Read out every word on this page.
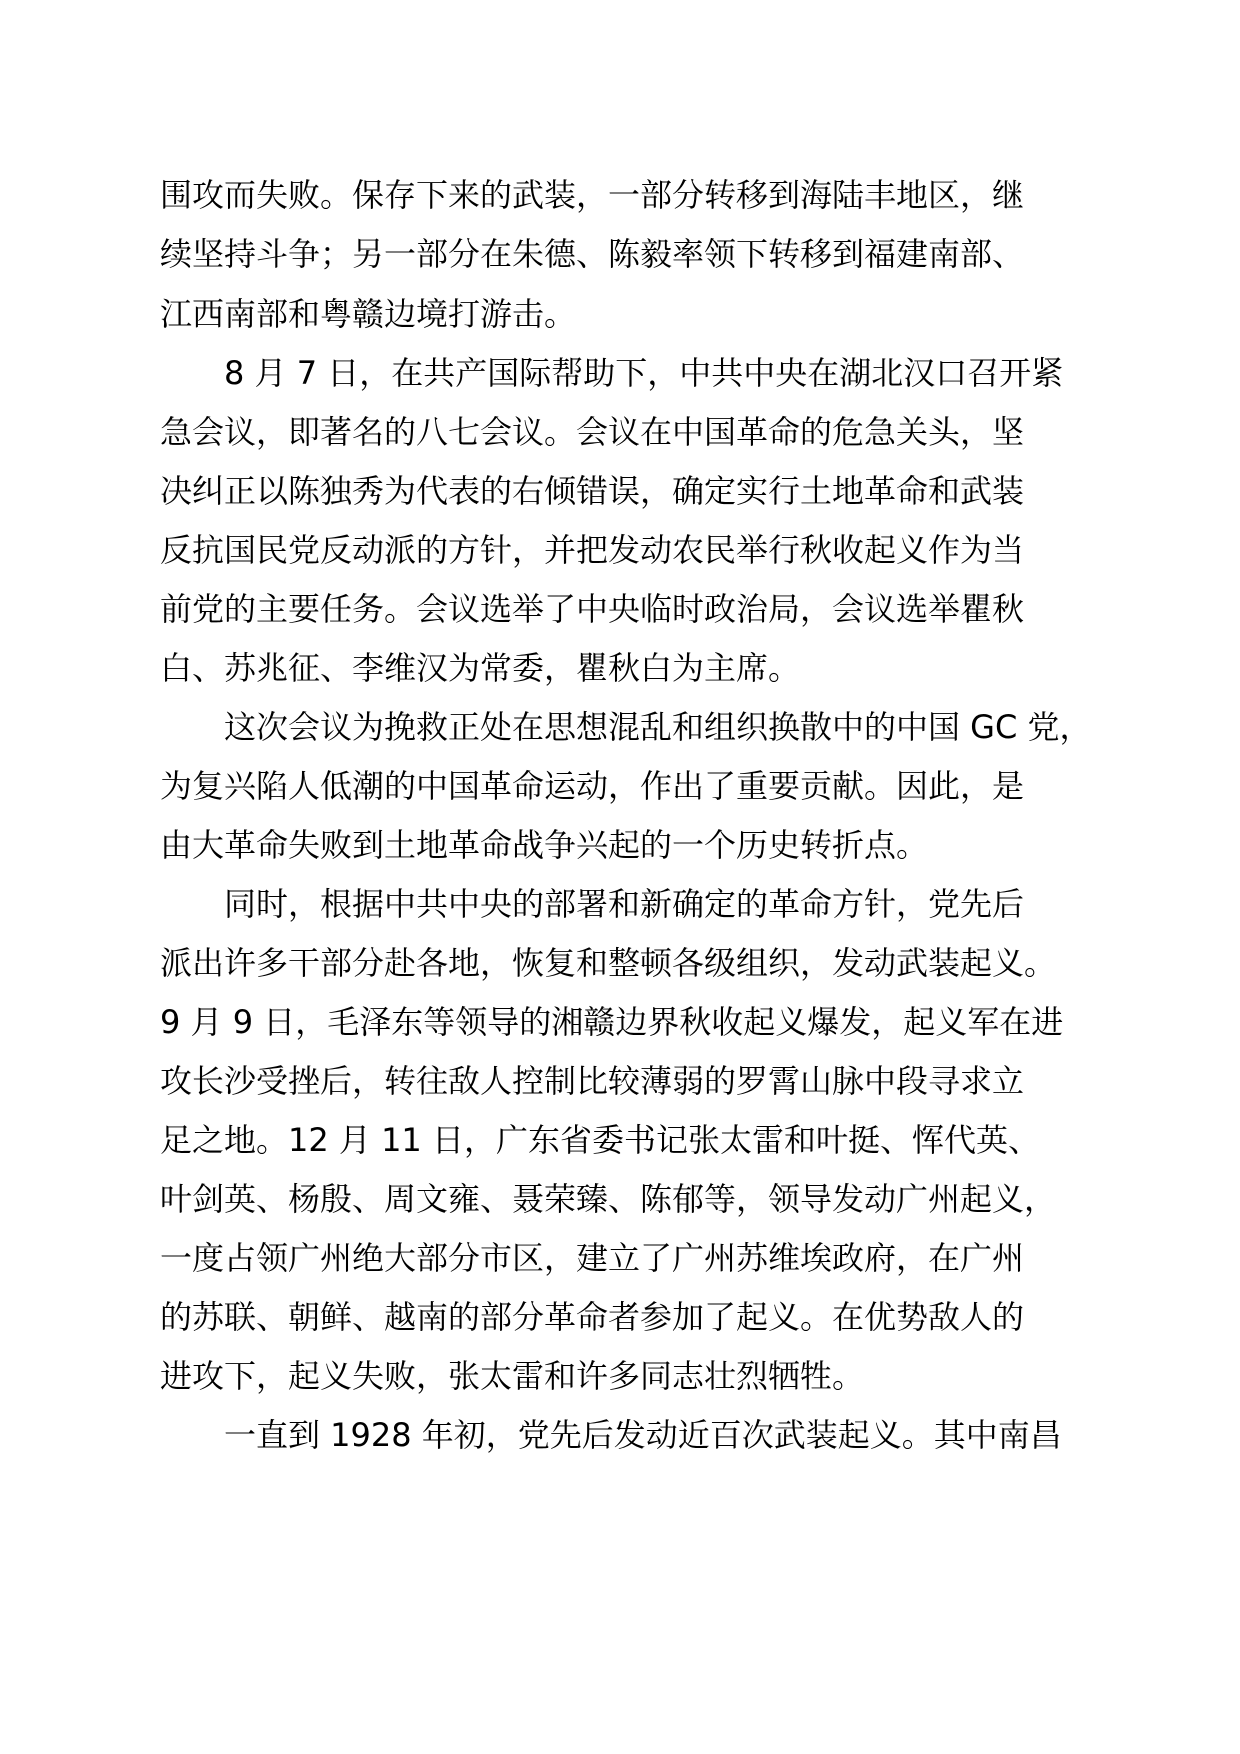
围攻而失败。保存下来的武装，一部分转移到海陆丰地区，继
续坚持斗争；另一部分在朱德、陈毅率领下转移到福建南部、
江西南部和粤赣边境打游击。
8 月 7 日，在共产国际帮助下，中共中央在湖北汉口召开紧
急会议，即著名的八七会议。会议在中国革命的危急关头，坚
决纠正以陈独秀为代表的右倾错误，确定实行土地革命和武装
反抗国民党反动派的方针，并把发动农民举行秋收起义作为当
前党的主要任务。会议选举了中央临时政治局，会议选举瞿秋
白、苏兆征、李维汉为常委，瞿秋白为主席。
这次会议为挽救正处在思想混乱和组织换散中的中国 GC 党，
为复兴陷人低潮的中国革命运动，作出了重要贡献。因此，是
由大革命失败到土地革命战争兴起的一个历史转折点。
同时，根据中共中央的部署和新确定的革命方针，党先后
派出许多干部分赴各地，恢复和整顿各级组织，发动武装起义。
9 月 9 日，毛泽东等领导的湘赣边界秋收起义爆发，起义军在进
攻长沙受挫后，转往敌人控制比较薄弱的罗霄山脉中段寻求立
足之地。12 月 11 日，广东省委书记张太雷和叶挺、恽代英、
叶剑英、杨殷、周文雍、聂荣臻、陈郁等，领导发动广州起义，
一度占领广州绝大部分市区，建立了广州苏维埃政府，在广州
的苏联、朝鲜、越南的部分革命者参加了起义。在优势敌人的
进攻下，起义失败，张太雷和许多同志壮烈牺牲。
一直到 1928 年初，党先后发动近百次武装起义。其中南昌
